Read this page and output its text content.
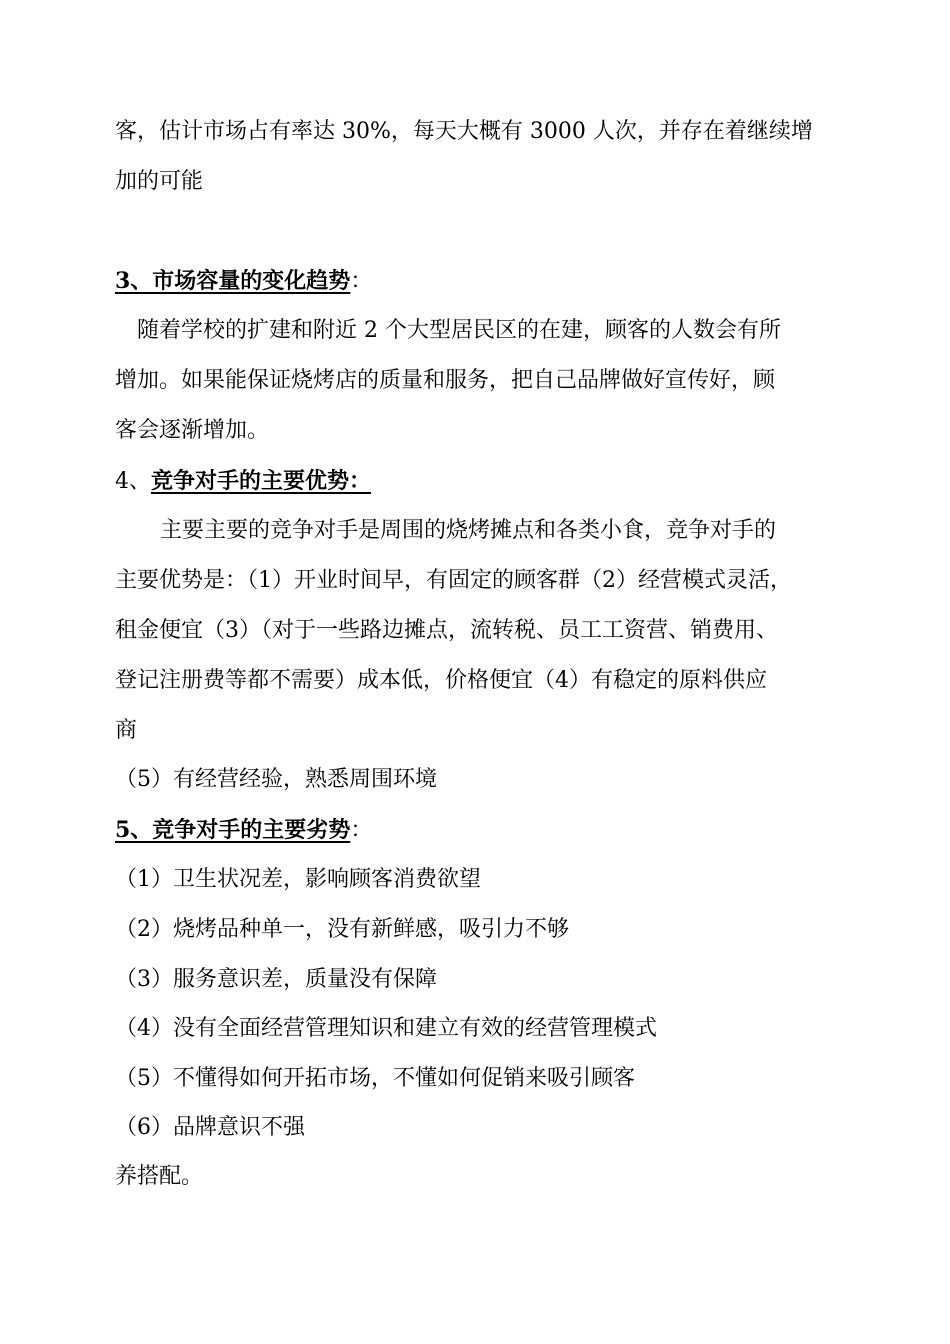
客，估计市场占有率达 30%，每天大概有 3000 人次，并存在着继续增
加的可能
3、市场容量的变化趋势：
随着学校的扩建和附近 2 个大型居民区的在建，顾客的人数会有所
增加。如果能保证烧烤店的质量和服务，把自己品牌做好宣传好，顾
客会逐渐增加。
4、竞争对手的主要优势：
主要主要的竞争对手是周围的烧烤摊点和各类小食，竞争对手的
主要优势是：（1）开业时间早，有固定的顾客群（2）经营模式灵活，
租金便宜（3）（对于一些路边摊点，流转税、员工工资营、销费用、
登记注册费等都不需要）成本低，价格便宜（4）有稳定的原料供应
商
（5）有经营经验，熟悉周围环境
5、竞争对手的主要劣势：
（1）卫生状况差，影响顾客消费欲望
（2）烧烤品种单一，没有新鲜感，吸引力不够
（3）服务意识差，质量没有保障
（4）没有全面经营管理知识和建立有效的经营管理模式
（5）不懂得如何开拓市场，不懂如何促销来吸引顾客
（6）品牌意识不强
养搭配。
